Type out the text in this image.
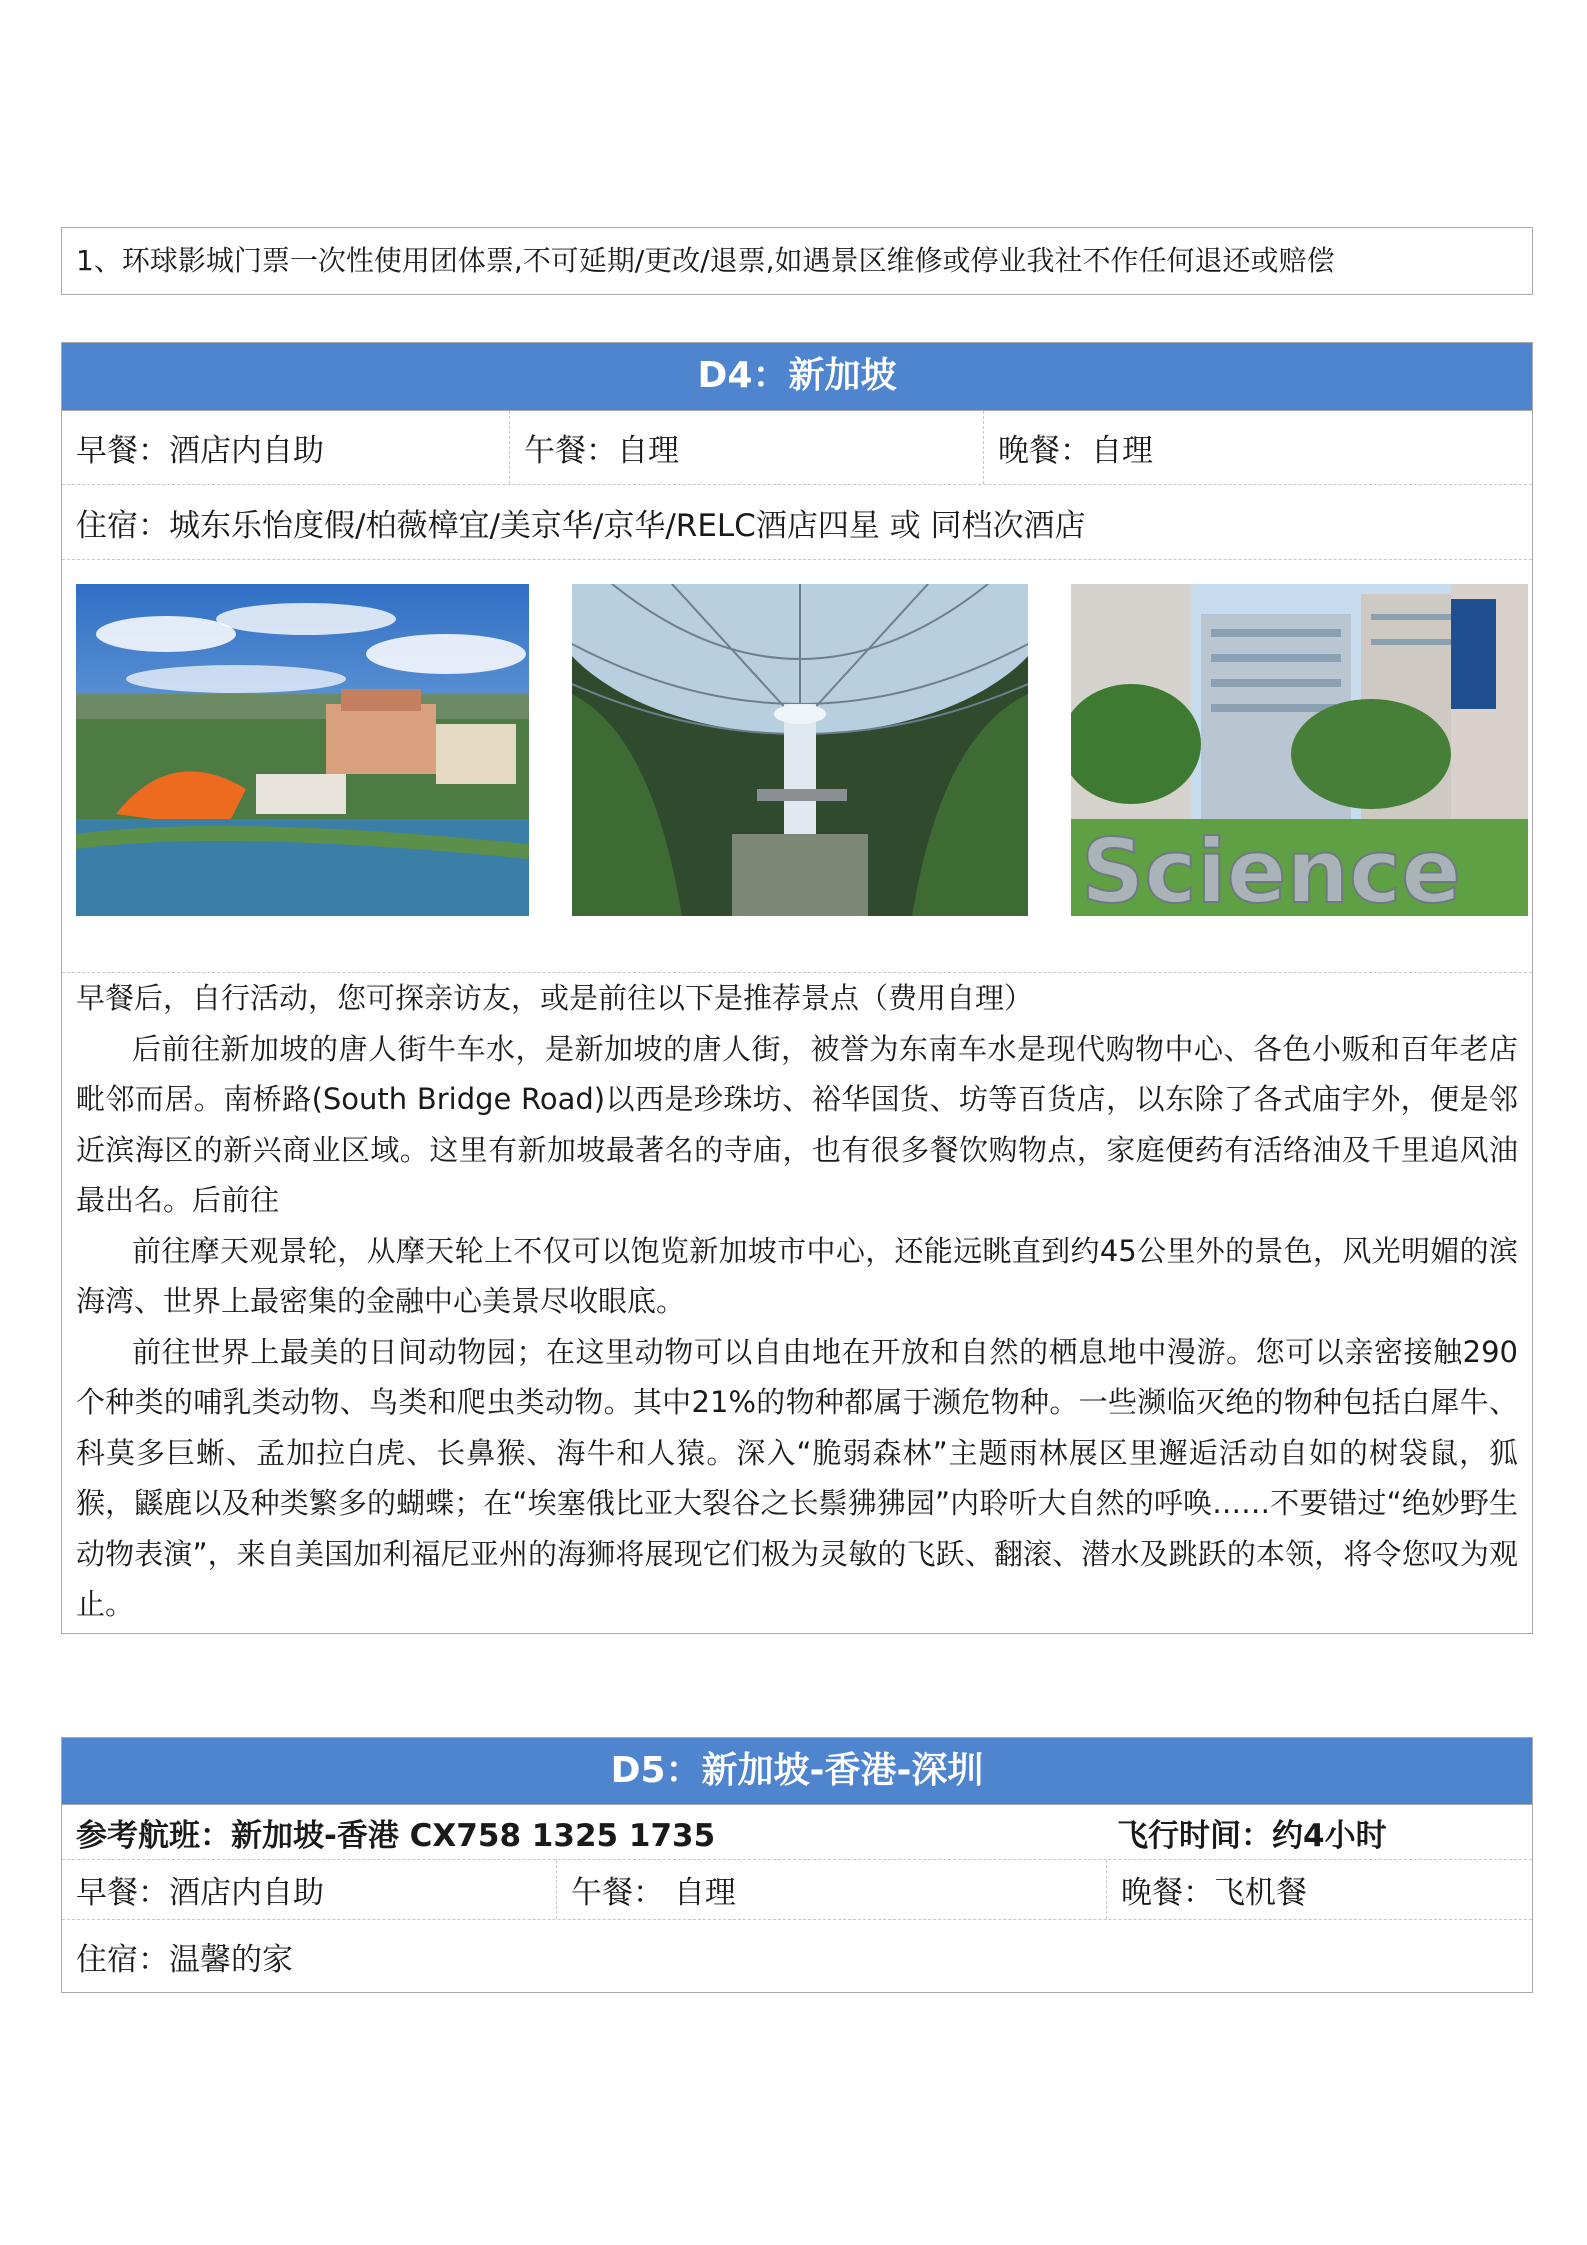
1、环球影城门票一次性使用团体票,不可延期/更改/退票,如遇景区维修或停业我社不作任何退还或赔偿
D4：新加坡
早餐：酒店内自助	午餐：自理	晚餐：自理
住宿：城东乐怡度假/柏薇樟宜/美京华/京华/RELC酒店四星 或 同档次酒店
Science

早餐后，自行活动，您可探亲访友，或是前往以下是推荐景点（费用自理）

后前往新加坡的唐人街牛车水，是新加坡的唐人街，被誉为东南车水是现代购物中心、各色小贩和百年老店毗邻而居。南桥路(South Bridge Road)以西是珍珠坊、裕华国货、坊等百货店，以东除了各式庙宇外，便是邻近滨海区的新兴商业区域。这里有新加坡最著名的寺庙，也有很多餐饮购物点，家庭便药有活络油及千里追风油最出名。后前往

前往摩天观景轮，从摩天轮上不仅可以饱览新加坡市中心，还能远眺直到约45公里外的景色，风光明媚的滨海湾、世界上最密集的金融中心美景尽收眼底。

前往世界上最美的日间动物园；在这里动物可以自由地在开放和自然的栖息地中漫游。您可以亲密接触290个种类的哺乳类动物、鸟类和爬虫类动物。其中21%的物种都属于濒危物种。一些濒临灭绝的物种包括白犀牛、科莫多巨蜥、孟加拉白虎、长鼻猴、海牛和人猿。深入“脆弱森林”主题雨林展区里邂逅活动自如的树袋鼠，狐猴，鼷鹿以及种类繁多的蝴蝶；在“埃塞俄比亚大裂谷之长鬃狒狒园”内聆听大自然的呼唤……不要错过“绝妙野生动物表演”，来自美国加利福尼亚州的海狮将展现它们极为灵敏的飞跃、翻滚、潜水及跳跃的本领，将令您叹为观止。

D5：新加坡-香港-深圳
参考航班：新加坡-香港 CX758 1325 1735	飞行时间：约4小时
早餐：酒店内自助	午餐： 自理	晚餐：飞机餐
住宿：温馨的家
